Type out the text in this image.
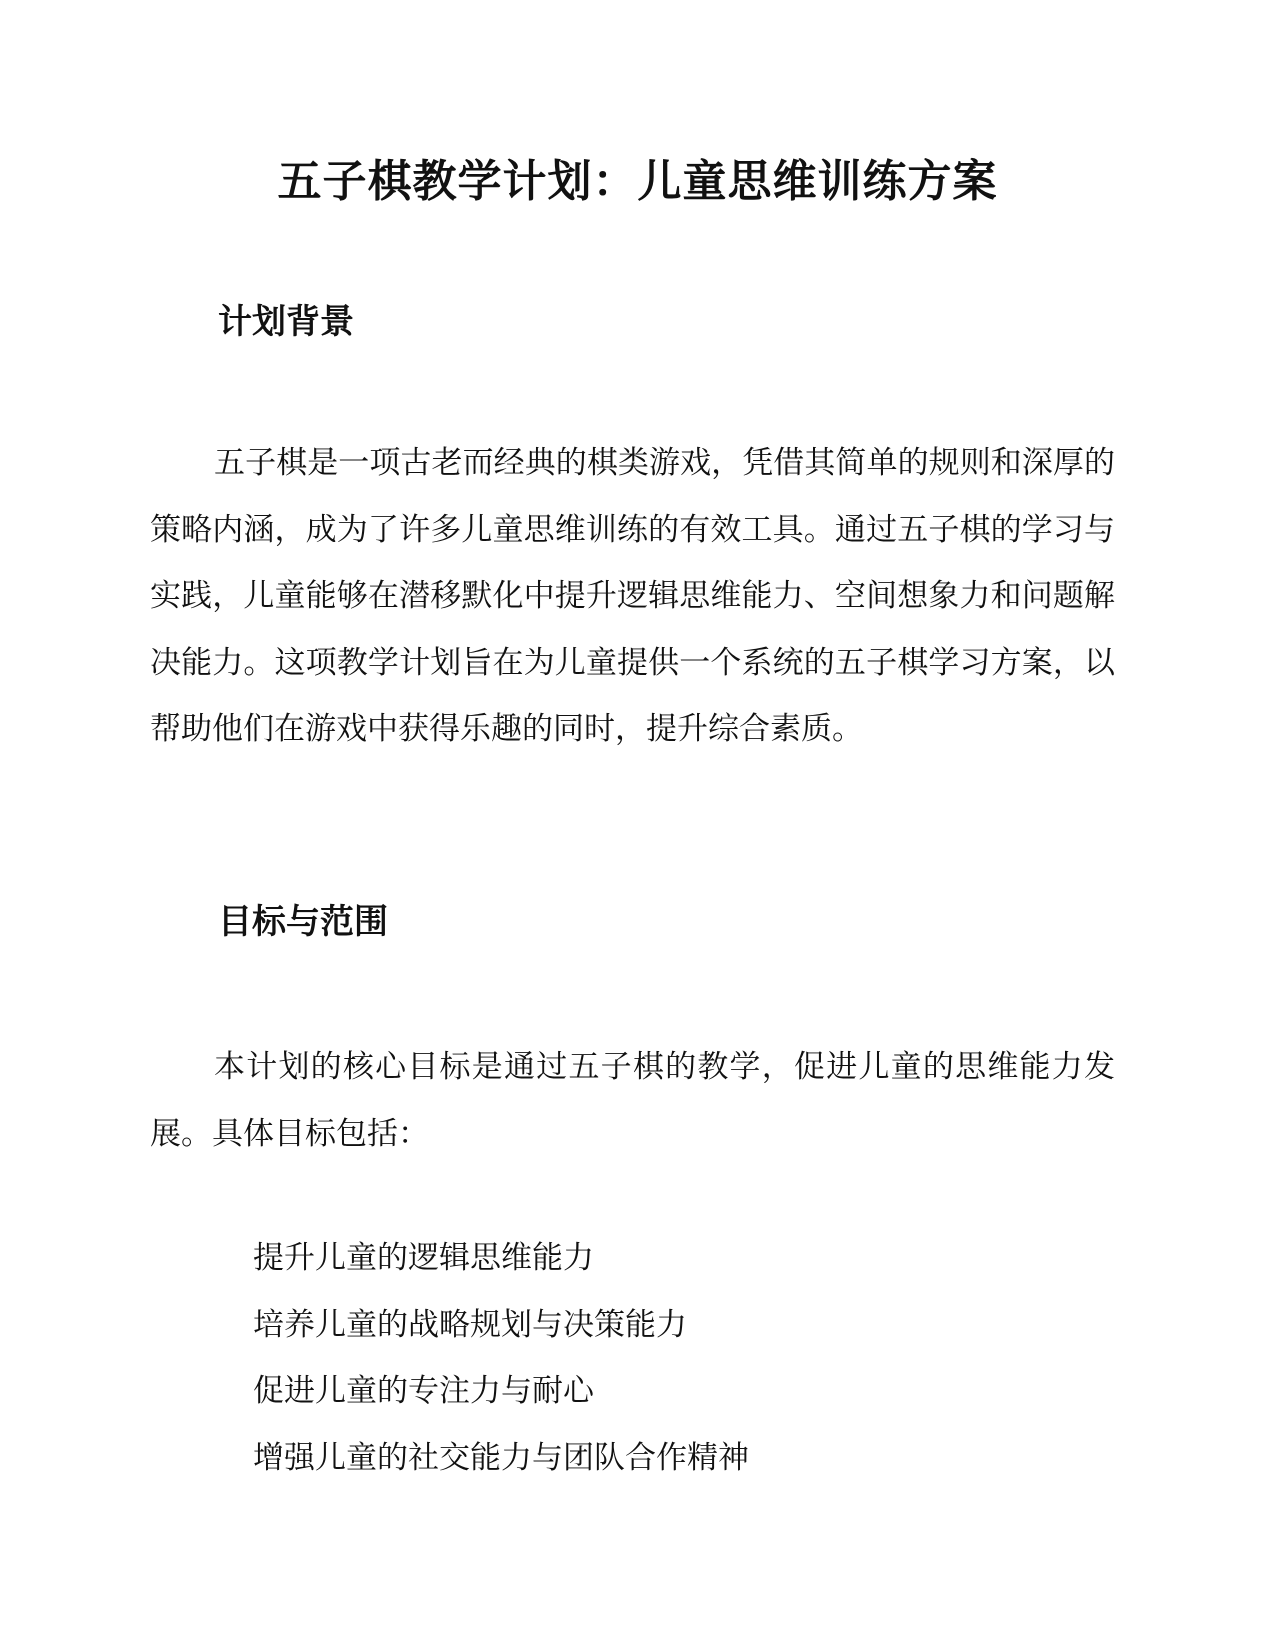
五子棋教学计划：儿童思维训练方案
计划背景

五子棋是一项古老而经典的棋类游戏，凭借其简单的规则和深厚的策略内涵，成为了许多儿童思维训练的有效工具。通过五子棋的学习与实践，儿童能够在潜移默化中提升逻辑思维能力、空间想象力和问题解决能力。这项教学计划旨在为儿童提供一个系统的五子棋学习方案，以帮助他们在游戏中获得乐趣的同时，提升综合素质。

目标与范围

本计划的核心目标是通过五子棋的教学，促进儿童的思维能力发展。具体目标包括：

提升儿童的逻辑思维能力
培养儿童的战略规划与决策能力
促进儿童的专注力与耐心
增强儿童的社交能力与团队合作精神
